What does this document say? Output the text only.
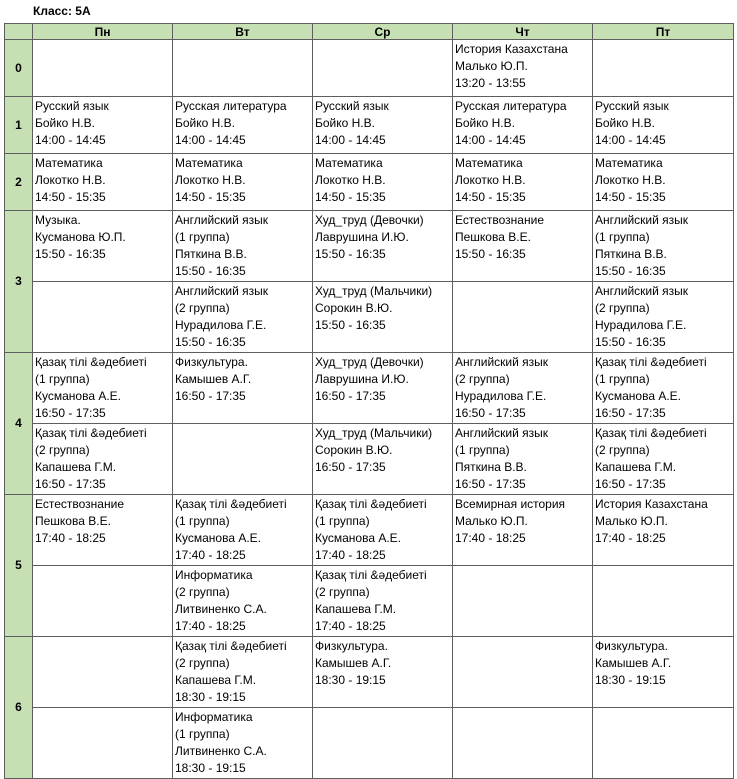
Класс: 5А
	Пн	Вт	Ср	Чт	Пт
0				История Казахстана
Малько Ю.П.
13:20 - 13:55	

1	Русский язык
Бойко Н.В.
14:00 - 14:45	Русская литература
Бойко Н.В.
14:00 - 14:45	Русский язык
Бойко Н.В.
14:00 - 14:45	Русская литература
Бойко Н.В.
14:00 - 14:45	Русский язык
Бойко Н.В.
14:00 - 14:45

2	Математика
Локотко Н.В.
14:50 - 15:35	Математика
Локотко Н.В.
14:50 - 15:35	Математика
Локотко Н.В.
14:50 - 15:35	Математика
Локотко Н.В.
14:50 - 15:35	Математика
Локотко Н.В.
14:50 - 15:35

3	Музыка.
Кусманова Ю.П.
15:50 - 16:35	Английский язык
(1 группа)
Пяткина В.В.
15:50 - 16:35	Худ_труд (Девочки)
Лаврушина И.Ю.
15:50 - 16:35	Естествознание
Пешкова В.Е.
15:50 - 16:35	Английский язык
(1 группа)
Пяткина В.В.
15:50 - 16:35

		Английский язык
(2 группа)
Нурадилова Г.Е.
15:50 - 16:35	Худ_труд (Мальчики)
Сорокин В.Ю.
15:50 - 16:35		Английский язык
(2 группа)
Нурадилова Г.Е.
15:50 - 16:35

4	Қазақ тілі &әдебиеті
(1 группа)
Кусманова А.Е.
16:50 - 17:35	Физкультура.
Камышев А.Г.
16:50 - 17:35	Худ_труд (Девочки)
Лаврушина И.Ю.
16:50 - 17:35	Английский язык
(2 группа)
Нурадилова Г.Е.
16:50 - 17:35	Қазақ тілі &әдебиеті
(1 группа)
Кусманова А.Е.
16:50 - 17:35

	Қазақ тілі &әдебиеті
(2 группа)
Капашева Г.М.
16:50 - 17:35		Худ_труд (Мальчики)
Сорокин В.Ю.
16:50 - 17:35	Английский язык
(1 группа)
Пяткина В.В.
16:50 - 17:35	Қазақ тілі &әдебиеті
(2 группа)
Капашева Г.М.
16:50 - 17:35

5	Естествознание
Пешкова В.Е.
17:40 - 18:25	Қазақ тілі &әдебиеті
(1 группа)
Кусманова А.Е.
17:40 - 18:25	Қазақ тілі &әдебиеті
(1 группа)
Кусманова А.Е.
17:40 - 18:25	Всемирная история
Малько Ю.П.
17:40 - 18:25	История Казахстана
Малько Ю.П.
17:40 - 18:25

		Информатика
(2 группа)
Литвиненко С.А.
17:40 - 18:25	Қазақ тілі &әдебиеті
(2 группа)
Капашева Г.М.
17:40 - 18:25		

6		Қазақ тілі &әдебиеті
(2 группа)
Капашева Г.М.
18:30 - 19:15	Физкультура.
Камышев А.Г.
18:30 - 19:15		Физкультура.
Камышев А.Г.
18:30 - 19:15

		Информатика
(1 группа)
Литвиненко С.А.
18:30 - 19:15			
